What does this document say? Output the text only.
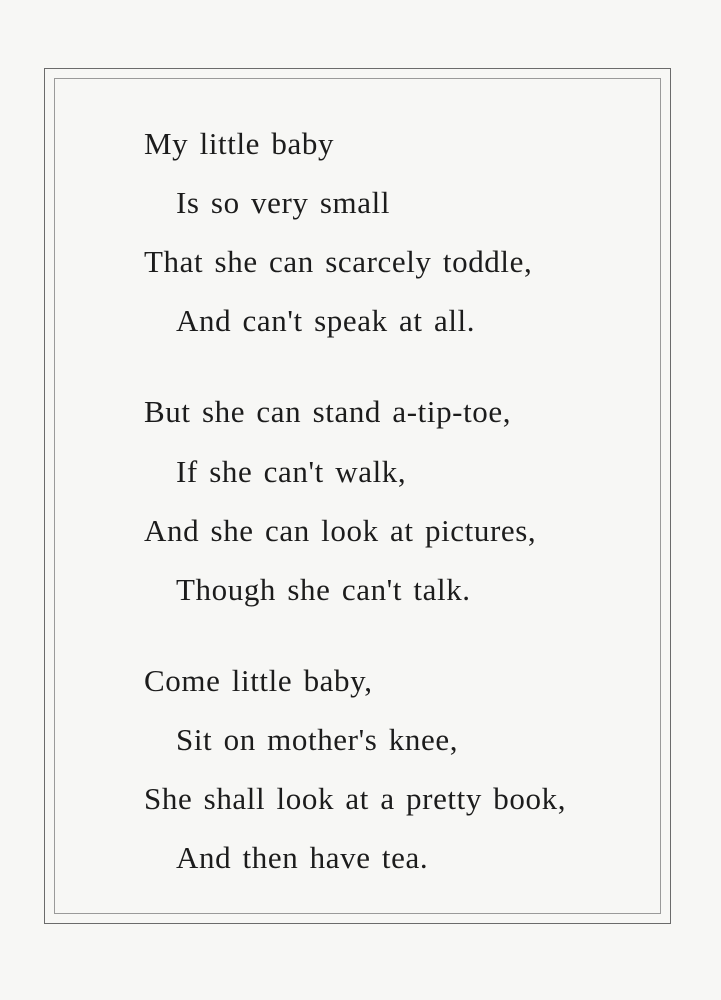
My little baby
Is so very small
That she can scarcely toddle,
And can't speak at all.
But she can stand a-tip-toe,
If she can't walk,
And she can look at pictures,
Though she can't talk.
Come little baby,
Sit on mother's knee,
She shall look at a pretty book,
And then have tea.
